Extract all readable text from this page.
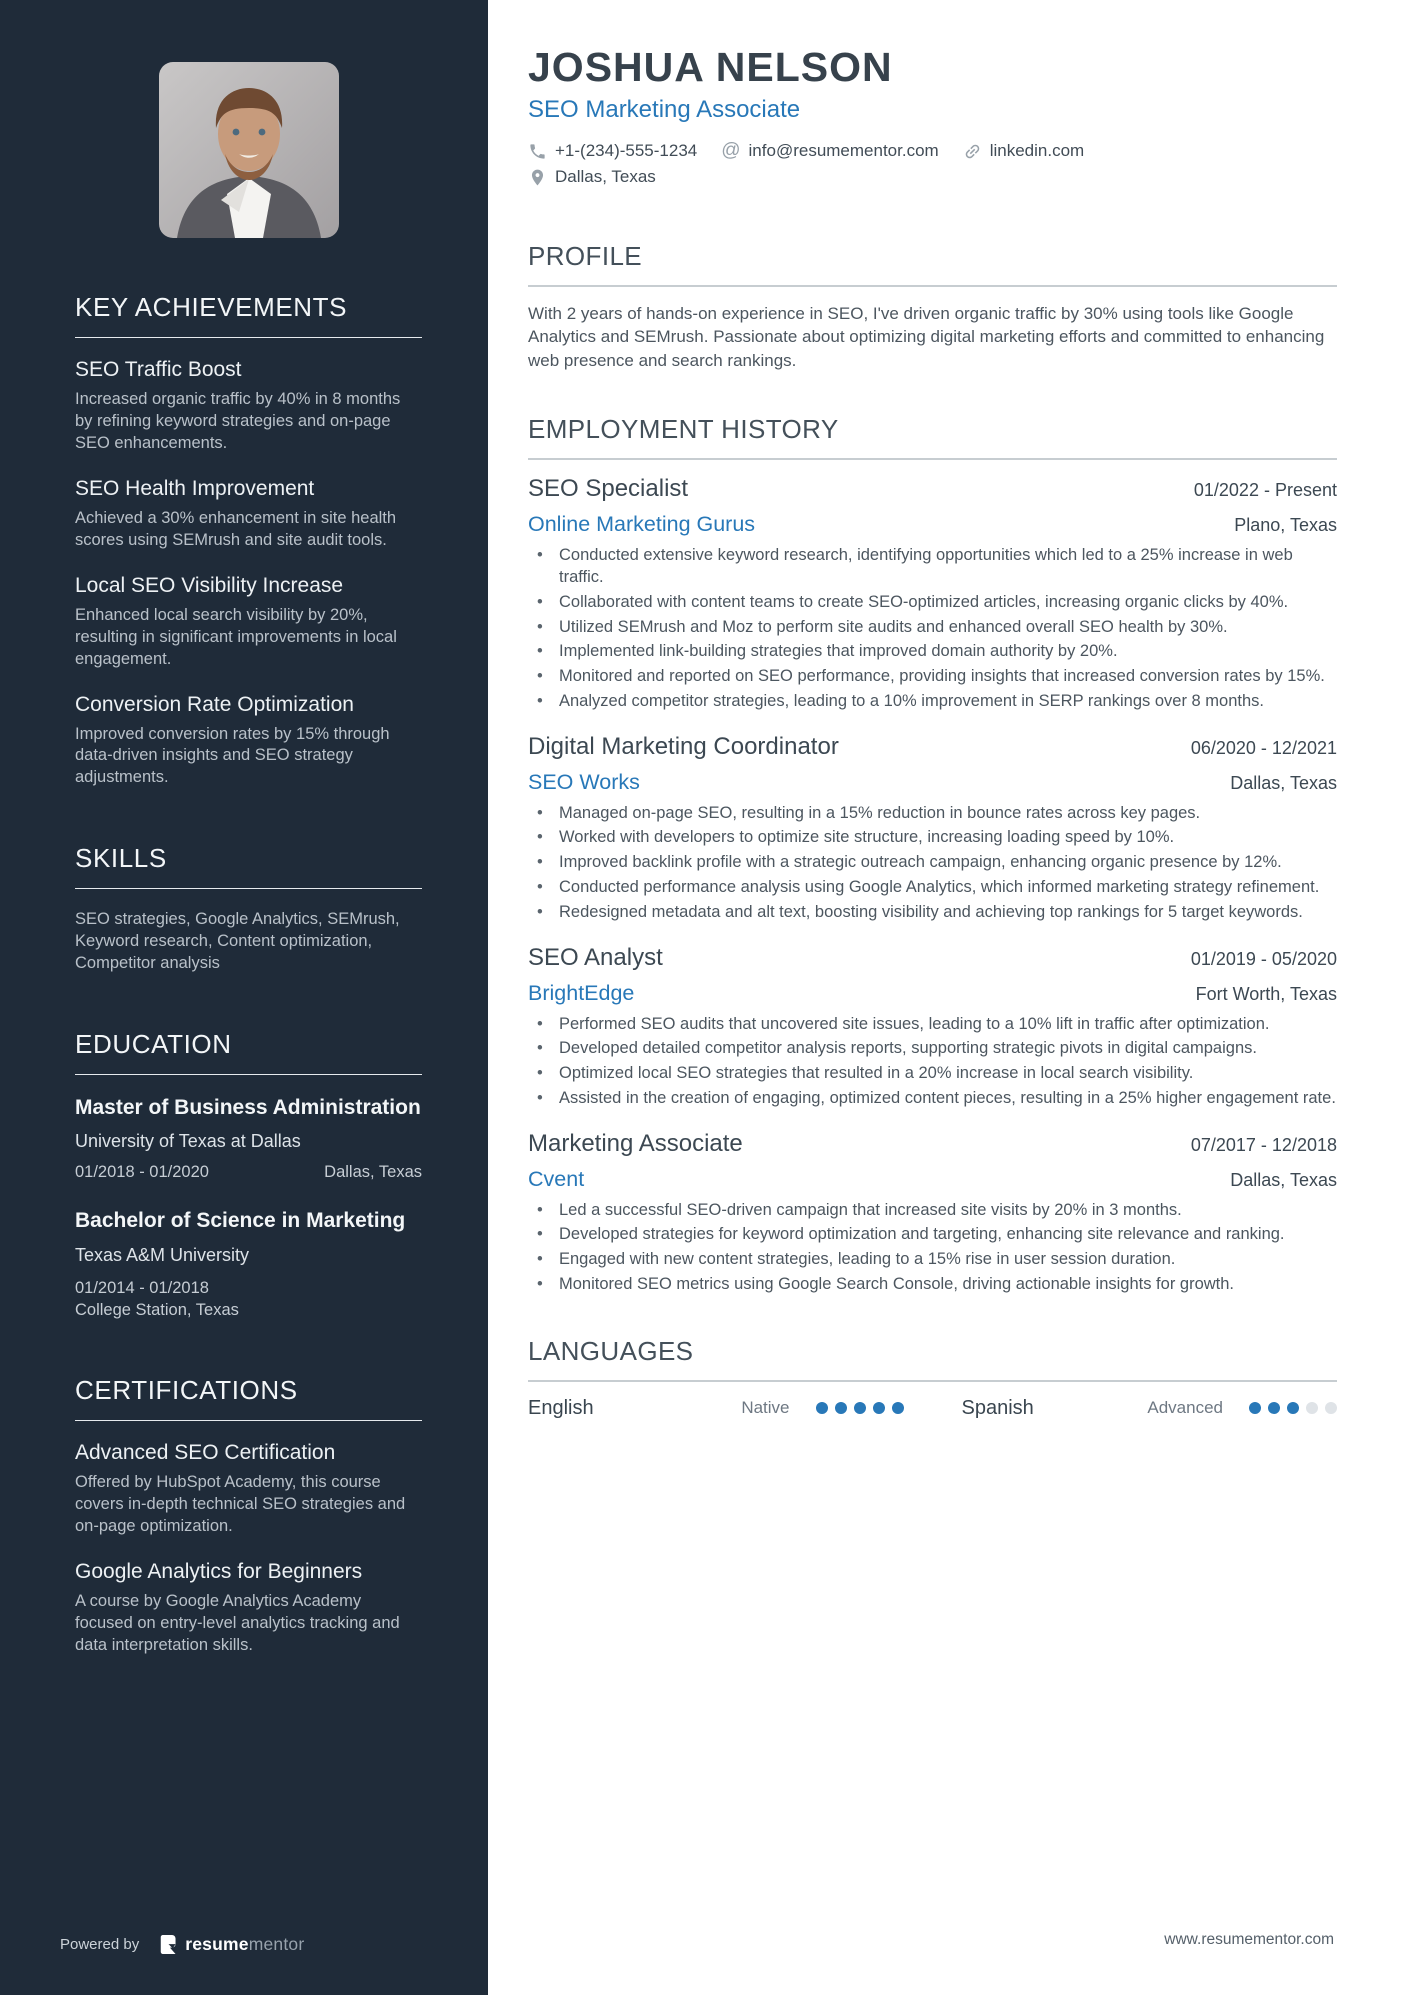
KEY ACHIEVEMENTS
SEO Traffic Boost
Increased organic traffic by 40% in 8 months by refining keyword strategies and on-page SEO enhancements.
SEO Health Improvement
Achieved a 30% enhancement in site health scores using SEMrush and site audit tools.
Local SEO Visibility Increase
Enhanced local search visibility by 20%, resulting in significant improvements in local engagement.
Conversion Rate Optimization
Improved conversion rates by 15% through data-driven insights and SEO strategy adjustments.
SKILLS
SEO strategies, Google Analytics, SEMrush, Keyword research, Content optimization, Competitor analysis
EDUCATION
Master of Business Administration
University of Texas at Dallas
01/2018 - 01/2020	Dallas, Texas
Bachelor of Science in Marketing
Texas A&M University
01/2014 - 01/2018
College Station, Texas
CERTIFICATIONS
Advanced SEO Certification
Offered by HubSpot Academy, this course covers in-depth technical SEO strategies and on-page optimization.
Google Analytics for Beginners
A course by Google Analytics Academy focused on entry-level analytics tracking and data interpretation skills.
Powered by	resumementor
JOSHUA NELSON
SEO Marketing Associate
+1-(234)-555-1234 @ info@resumementor.com	linkedin.com
Dallas, Texas
PROFILE

With 2 years of hands-on experience in SEO, I've driven organic traffic by 30% using tools like Google Analytics and SEMrush. Passionate about optimizing digital marketing efforts and committed to enhancing web presence and search rankings.

EMPLOYMENT HISTORY
SEO Specialist	01/2022 - Present
Online Marketing Gurus	Plano, Texas
• Conducted extensive keyword research, identifying opportunities which led to a 25% increase in web traffic.
• Collaborated with content teams to create SEO-optimized articles, increasing organic clicks by 40%.
• Utilized SEMrush and Moz to perform site audits and enhanced overall SEO health by 30%.
• Implemented link-building strategies that improved domain authority by 20%.
• Monitored and reported on SEO performance, providing insights that increased conversion rates by 15%.
• Analyzed competitor strategies, leading to a 10% improvement in SERP rankings over 8 months.
Digital Marketing Coordinator	06/2020 - 12/2021
SEO Works	Dallas, Texas
• Managed on-page SEO, resulting in a 15% reduction in bounce rates across key pages.
• Worked with developers to optimize site structure, increasing loading speed by 10%.
• Improved backlink profile with a strategic outreach campaign, enhancing organic presence by 12%.
• Conducted performance analysis using Google Analytics, which informed marketing strategy refinement.
• Redesigned metadata and alt text, boosting visibility and achieving top rankings for 5 target keywords.
SEO Analyst	01/2019 - 05/2020
BrightEdge	Fort Worth, Texas
• Performed SEO audits that uncovered site issues, leading to a 10% lift in traffic after optimization.
• Developed detailed competitor analysis reports, supporting strategic pivots in digital campaigns.
• Optimized local SEO strategies that resulted in a 20% increase in local search visibility.
• Assisted in the creation of engaging, optimized content pieces, resulting in a 25% higher engagement rate.
Marketing Associate	07/2017 - 12/2018
Cvent	Dallas, Texas
• Led a successful SEO-driven campaign that increased site visits by 20% in 3 months.
• Developed strategies for keyword optimization and targeting, enhancing site relevance and ranking.
• Engaged with new content strategies, leading to a 15% rise in user session duration.
• Monitored SEO metrics using Google Search Console, driving actionable insights for growth.
LANGUAGES
English	Native	Spanish	Advanced
www.resumementor.com
